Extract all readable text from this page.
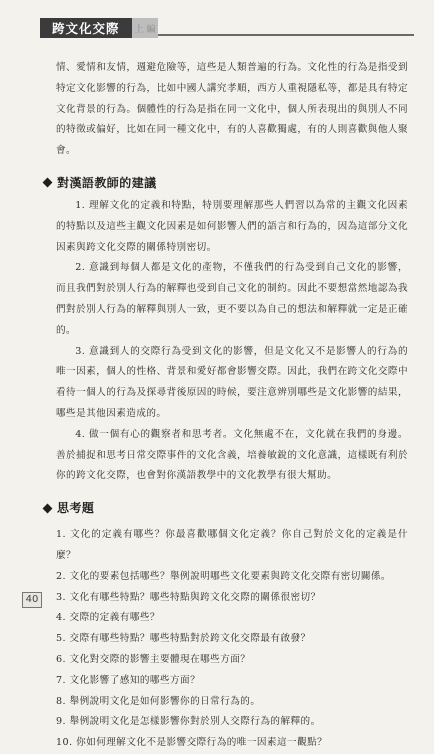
跨文化交際	上 編

情、愛情和友情，週避危險等，這些是人類普遍的行為。文化性的行為是指受到特定文化影響的行為，比如中國人講究孝順，西方人重視隱私等，都是具有特定文化背景的行為。個體性的行為是指在同一文化中，個人所表現出的與別人不同的特徵或偏好，比如在同一種文化中，有的人喜歡獨處，有的人則喜歡與他人聚會。

對漢語教師的建議

1. 理解文化的定義和特點，特別要理解那些人們習以為常的主觀文化因素的特點以及這些主觀文化因素是如何影響人們的語言和行為的，因為這部分文化因素與跨文化交際的關係特別密切。

2. 意識到每個人都是文化的產物，不僅我們的行為受到自己文化的影響，而且我們對於別人行為的解釋也受到自己文化的制約。因此不要想當然地認為我們對於別人行為的解釋與別人一致，更不要以為自己的想法和解釋就一定是正確的。

3. 意識到人的交際行為受到文化的影響，但是文化又不是影響人的行為的唯一因素，個人的性格、背景和愛好都會影響交際。因此，我們在跨文化交際中看待一個人的行為及探尋背後原因的時候，要注意辨別哪些是文化影響的結果，哪些是其他因素造成的。

4. 做一個有心的觀察者和思考者。文化無處不在，文化就在我們的身邊。善於捕捉和思考日常交際事件的文化含義，培養敏銳的文化意識，這樣既有利於你的跨文化交際，也會對你漢語教學中的文化教學有很大幫助。

思考題
1. 文化的定義有哪些？你最喜歡哪個文化定義？你自己對於文化的定義是什麼？
2. 文化的要素包括哪些？舉例說明哪些文化要素與跨文化交際有密切關係。
3. 文化有哪些特點？哪些特點與跨文化交際的關係很密切？
4. 交際的定義有哪些？
5. 交際有哪些特點？哪些特點對於跨文化交際最有啟發？
6. 文化對交際的影響主要體現在哪些方面？
7. 文化影響了感知的哪些方面？
8. 舉例說明文化是如何影響你的日常行為的。
9. 舉例說明文化是怎樣影響你對於別人交際行為的解釋的。
10. 你如何理解文化不是影響交際行為的唯一因素這一觀點？
40
